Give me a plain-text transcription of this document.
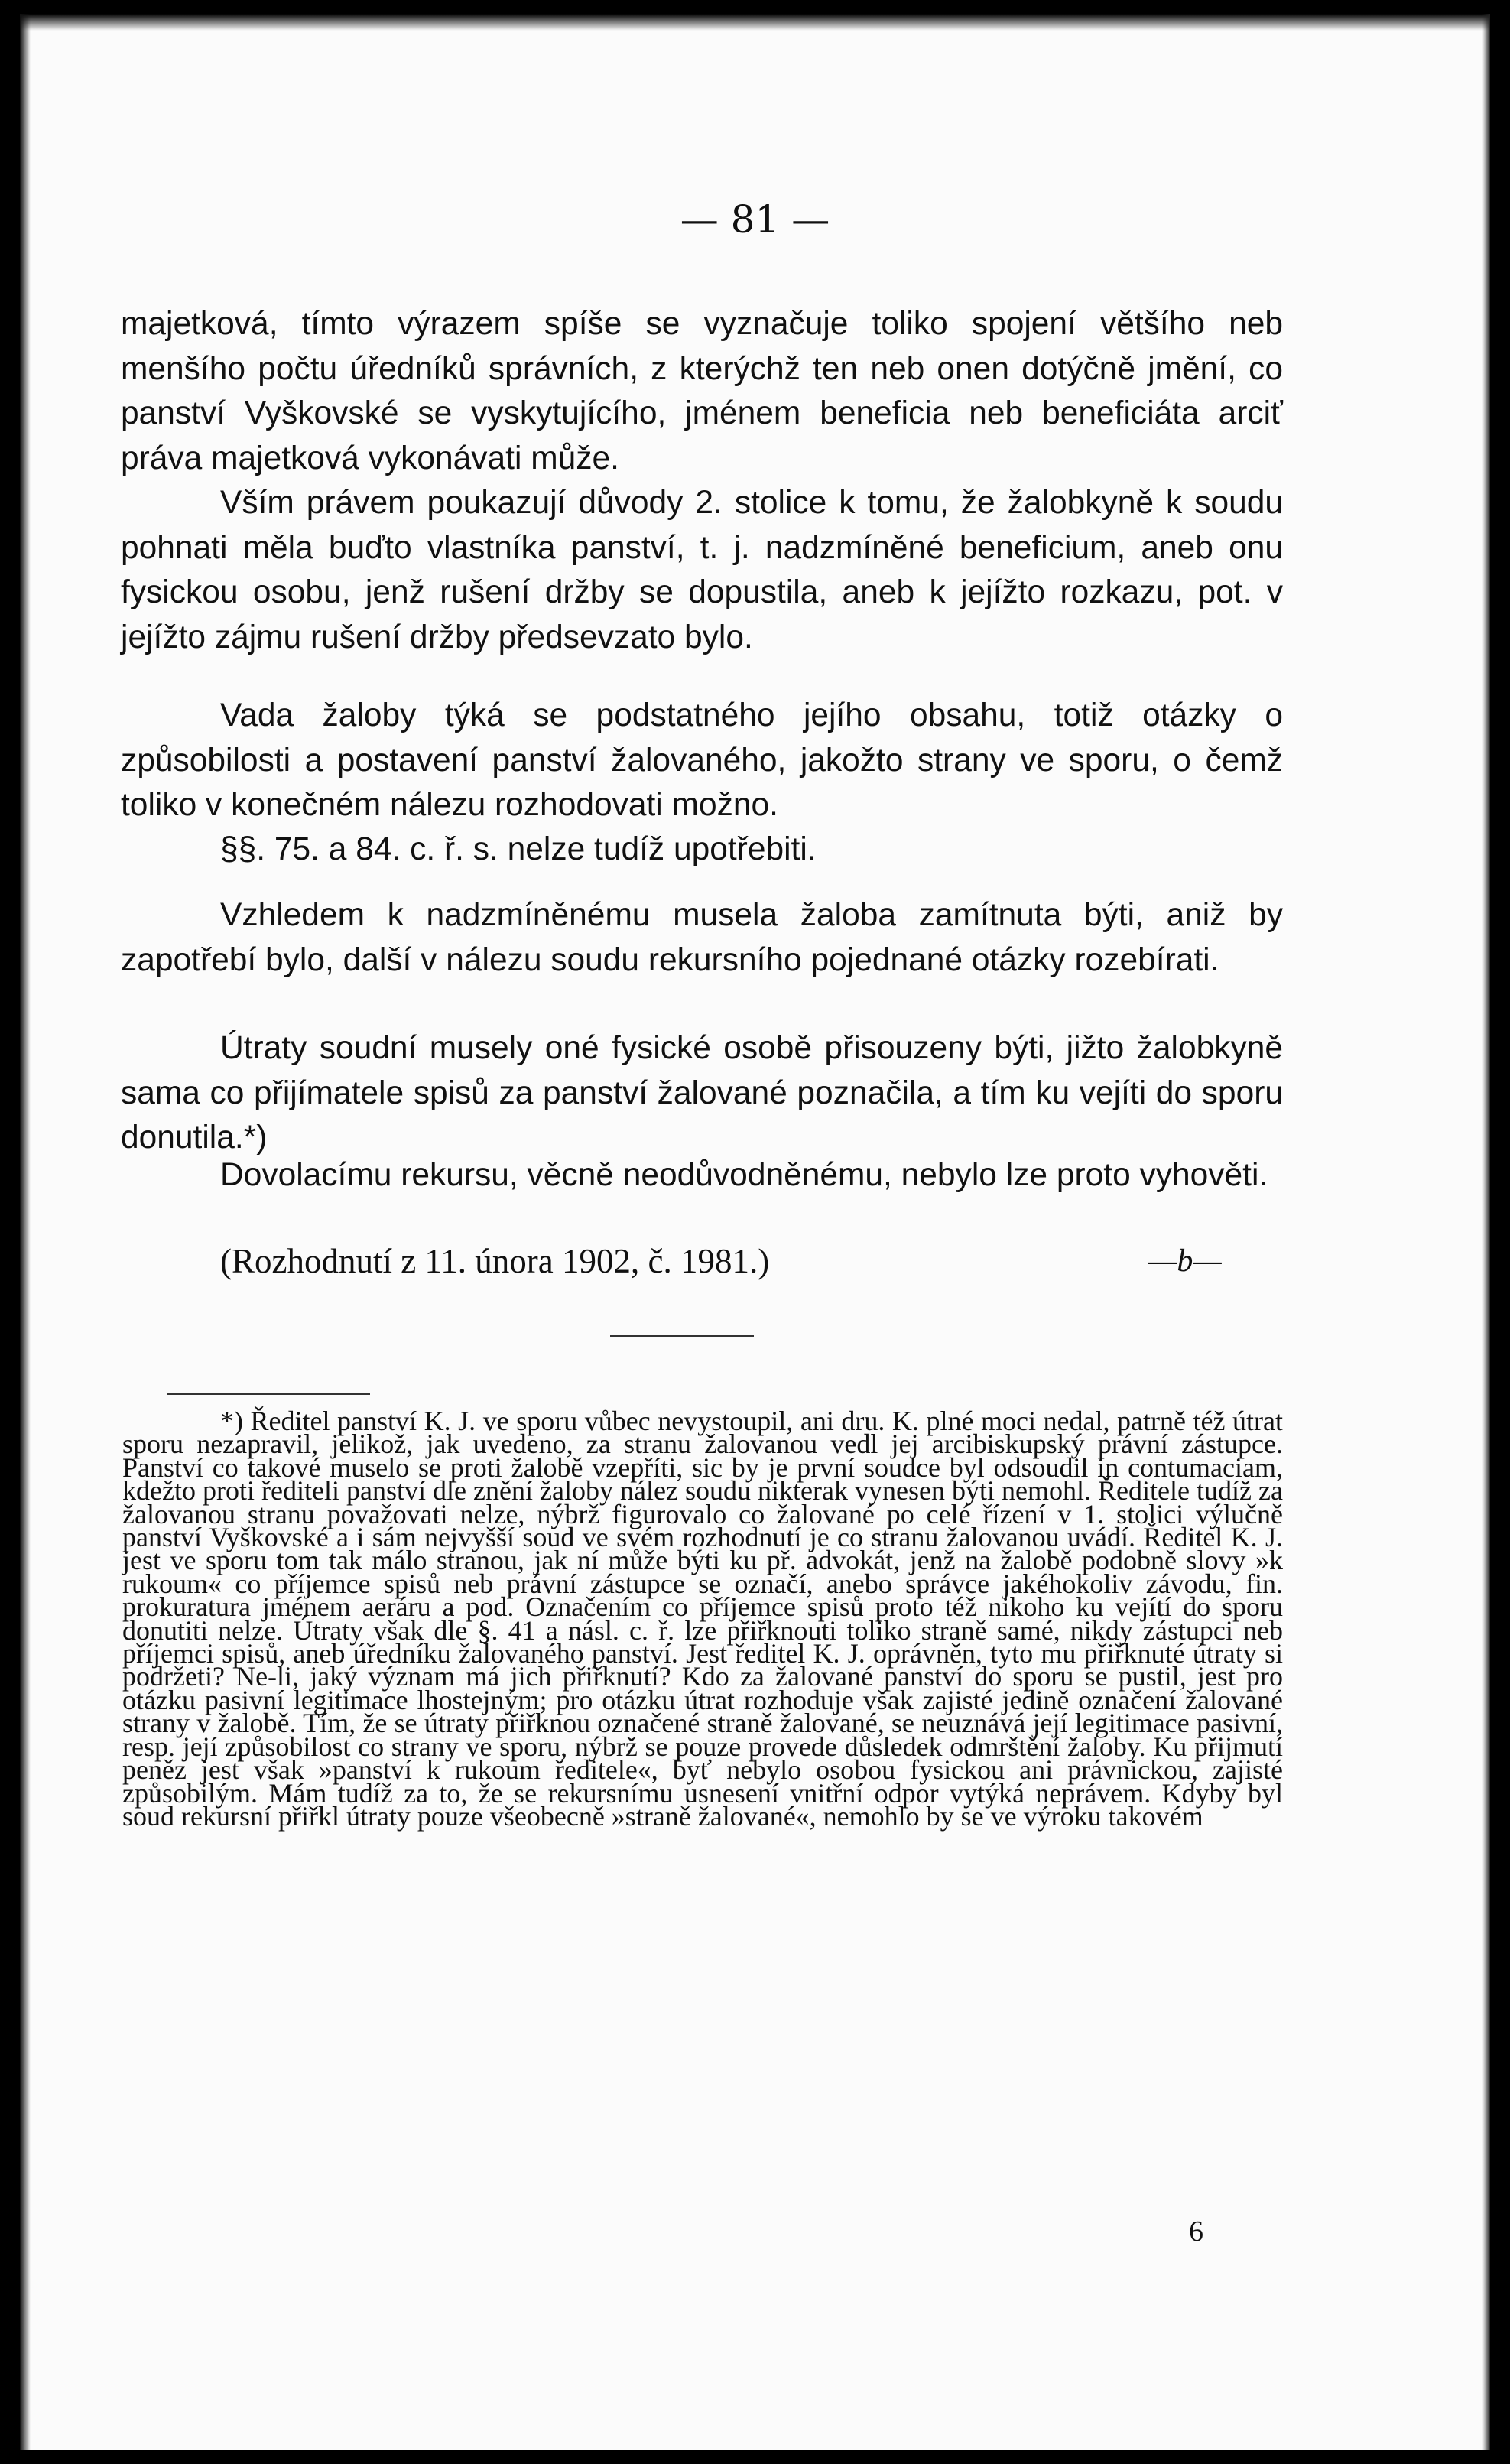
— 81 —

majetková, tímto výrazem spíše se vyznačuje toliko spojení většího neb menšího počtu úředníků správních, z kterýchž ten neb onen dotýčně jmění, co panství Vyškovské se vyskytujícího, jménem beneficia neb beneficiáta arciť práva majetková vykonávati může.

Vším právem poukazují důvody 2. stolice k tomu, že žalobkyně k soudu pohnati měla buďto vlastníka panství, t. j. nadzmíněné beneficium, aneb onu fysickou osobu, jenž rušení držby se dopustila, aneb k jejížto rozkazu, pot. v jejížto zájmu rušení držby předsevzato bylo.

Vada žaloby týká se podstatného jejího obsahu, totiž otázky o způsobilosti a postavení panství žalovaného, jakožto strany ve sporu, o čemž toliko v konečném nálezu rozhodovati možno.

§§. 75. a 84. c. ř. s. nelze tudíž upotřebiti.

Vzhledem k nadzmíněnému musela žaloba zamítnuta býti, aniž by zapotřebí bylo, další v nálezu soudu rekursního pojednané otázky rozebírati.

Útraty soudní musely oné fysické osobě přisouzeny býti, jižto žalobkyně sama co přijímatele spisů za panství žalované poznačila, a tím ku vejíti do sporu donutila.*)

Dovolacímu rekursu, věcně neodůvodněnému, nebylo lze proto vyhověti.

(Rozhodnutí z 11. února 1902, č. 1981.)	—b—

*) Ředitel panství K. J. ve sporu vůbec nevystoupil, ani dru. K. plné moci nedal, patrně též útrat sporu nezapravil, jelikož, jak uvedeno, za stranu žalovanou vedl jej arcibiskupský právní zástupce. Panství co takové muselo se proti žalobě vzepříti, sic by je první soudce byl odsoudil in contumaciam, kdežto proti řediteli panství dle znění žaloby nález soudu nikterak vynesen býti nemohl. Ředitele tudíž za žalovanou stranu považovati nelze, nýbrž figurovalo co žalované po celé řízení v 1. stolici výlučně panství Vyškovské a i sám nejvyšší soud ve svém rozhodnutí je co stranu žalovanou uvádí. Ředitel K. J. jest ve sporu tom tak málo stranou, jak ní může býti ku př. advokát, jenž na žalobě podobně slovy »k rukoum« co příjemce spisů neb právní zástupce se označí, anebo správce jakéhokoliv závodu, fin. prokuratura jménem aeráru a pod. Označením co příjemce spisů proto též nikoho ku vejítí do sporu donutiti nelze. Útraty však dle §. 41 a násl. c. ř. lze přiřknouti toliko straně samé, nikdy zástupci neb příjemci spisů, aneb úředníku žalovaného panství. Jest ředitel K. J. oprávněn, tyto mu přiřknuté útraty si podržeti? Ne-li, jaký význam má jich přiřknutí? Kdo za žalované panství do sporu se pustil, jest pro otázku pasivní legitimace lhostejným; pro otázku útrat rozhoduje však zajisté jedině označení žalované strany v žalobě. Tím, že se útraty přiřknou označené straně žalované, se neuznává její legitimace pasivní, resp. její způsobilost co strany ve sporu, nýbrž se pouze provede důsledek odmrštění žaloby. Ku přijmutí peněz jest však »panství k rukoum ředitele«, byť nebylo osobou fysickou ani právnickou, zajisté způsobilým. Mám tudíž za to, že se rekursnímu usnesení vnitřní odpor vytýká neprávem. Kdyby byl soud rekursní přiřkl útraty pouze všeobecně »straně žalované«, nemohlo by se ve výroku takovém

6
